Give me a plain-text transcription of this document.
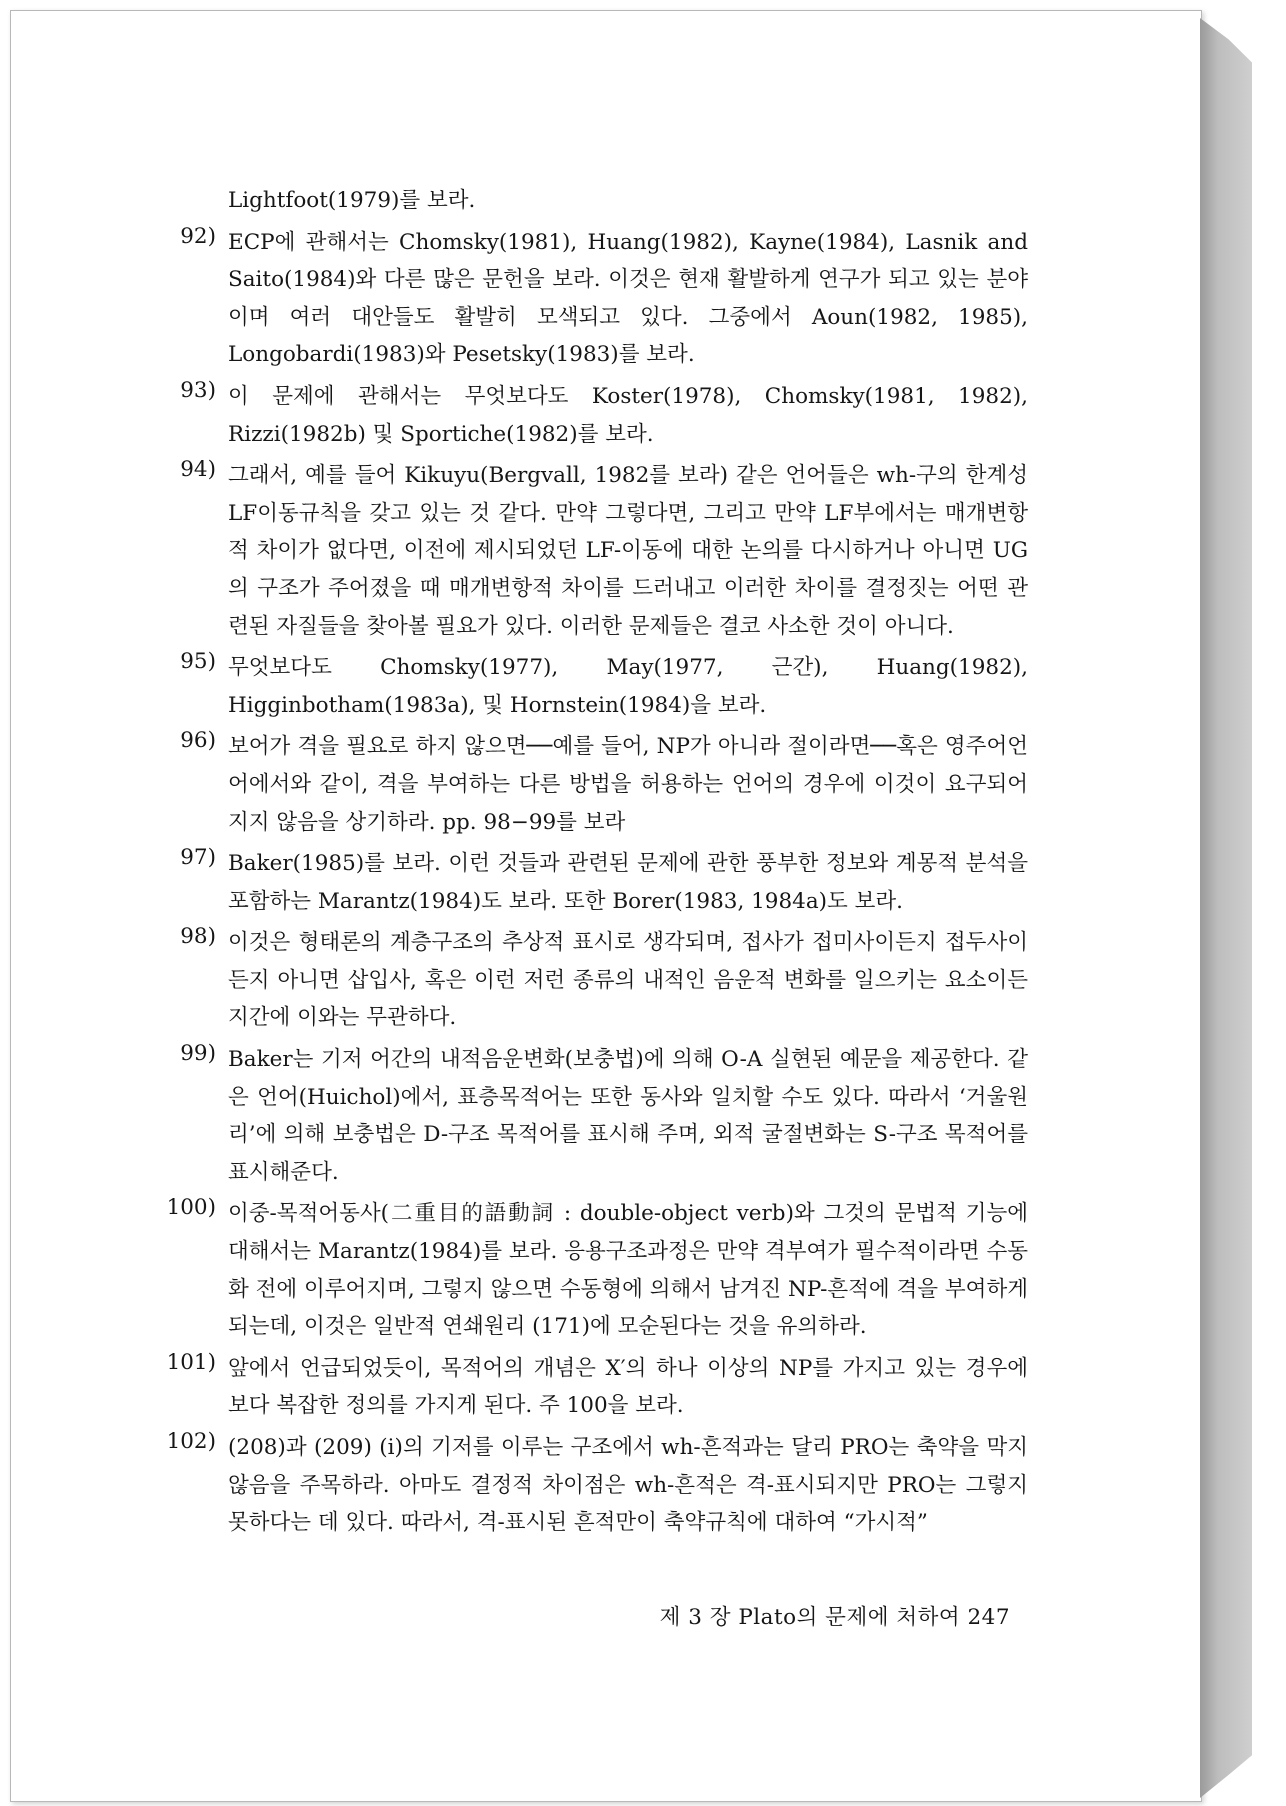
Lightfoot(1979)를 보라.
92) ECP에 관해서는 Chomsky(1981), Huang(1982), Kayne(1984), Lasnik and Saito(1984)와 다른 많은 문헌을 보라. 이것은 현재 활발하게 연구가 되고 있는 분야이며 여러 대안들도 활발히 모색되고 있다. 그중에서 Aoun(1982, 1985), Longobardi(1983)와 Pesetsky(1983)를 보라.
93) 이 문제에 관해서는 무엇보다도 Koster(1978), Chomsky(1981, 1982), Rizzi(1982b) 및 Sportiche(1982)를 보라.
94) 그래서, 예를 들어 Kikuyu(Bergvall, 1982를 보라) 같은 언어들은 wh-구의 한계성 LF이동규칙을 갖고 있는 것 같다. 만약 그렇다면, 그리고 만약 LF부에서는 매개변항적 차이가 없다면, 이전에 제시되었던 LF-이동에 대한 논의를 다시하거나 아니면 UG의 구조가 주어졌을 때 매개변항적 차이를 드러내고 이러한 차이를 결정짓는 어떤 관련된 자질들을 찾아볼 필요가 있다. 이러한 문제들은 결코 사소한 것이 아니다.
95) 무엇보다도 Chomsky(1977), May(1977, 근간), Huang(1982), Higginbotham(1983a), 및 Hornstein(1984)을 보라.
96) 보어가 격을 필요로 하지 않으면──예를 들어, NP가 아니라 절이라면──혹은 영주어언어에서와 같이, 격을 부여하는 다른 방법을 허용하는 언어의 경우에 이것이 요구되어지지 않음을 상기하라. pp. 98−99를 보라
97) Baker(1985)를 보라. 이런 것들과 관련된 문제에 관한 풍부한 정보와 계몽적 분석을 포함하는 Marantz(1984)도 보라. 또한 Borer(1983, 1984a)도 보라.
98) 이것은 형태론의 계층구조의 추상적 표시로 생각되며, 접사가 접미사이든지 접두사이든지 아니면 삽입사, 혹은 이런 저런 종류의 내적인 음운적 변화를 일으키는 요소이든지간에 이와는 무관하다.
99) Baker는 기저 어간의 내적음운변화(보충법)에 의해 O-A 실현된 예문을 제공한다. 같은 언어(Huichol)에서, 표층목적어는 또한 동사와 일치할 수도 있다. 따라서 ‘거울원리’에 의해 보충법은 D-구조 목적어를 표시해 주며, 외적 굴절변화는 S-구조 목적어를 표시해준다.
100) 이중-목적어동사(二重目的語動詞 : double-object verb)와 그것의 문법적 기능에 대해서는 Marantz(1984)를 보라. 응용구조과정은 만약 격부여가 필수적이라면 수동화 전에 이루어지며, 그렇지 않으면 수동형에 의해서 남겨진 NP-흔적에 격을 부여하게 되는데, 이것은 일반적 연쇄원리 (171)에 모순된다는 것을 유의하라.
101) 앞에서 언급되었듯이, 목적어의 개념은 X′의 하나 이상의 NP를 가지고 있는 경우에 보다 복잡한 정의를 가지게 된다. 주 100을 보라.
102) (208)과 (209) (i)의 기저를 이루는 구조에서 wh-흔적과는 달리 PRO는 축약을 막지 않음을 주목하라. 아마도 결정적 차이점은 wh-흔적은 격-표시되지만 PRO는 그렇지 못하다는 데 있다. 따라서, 격-표시된 흔적만이 축약규칙에 대하여 “가시적”
제 3 장 Plato의 문제에 처하여 247
